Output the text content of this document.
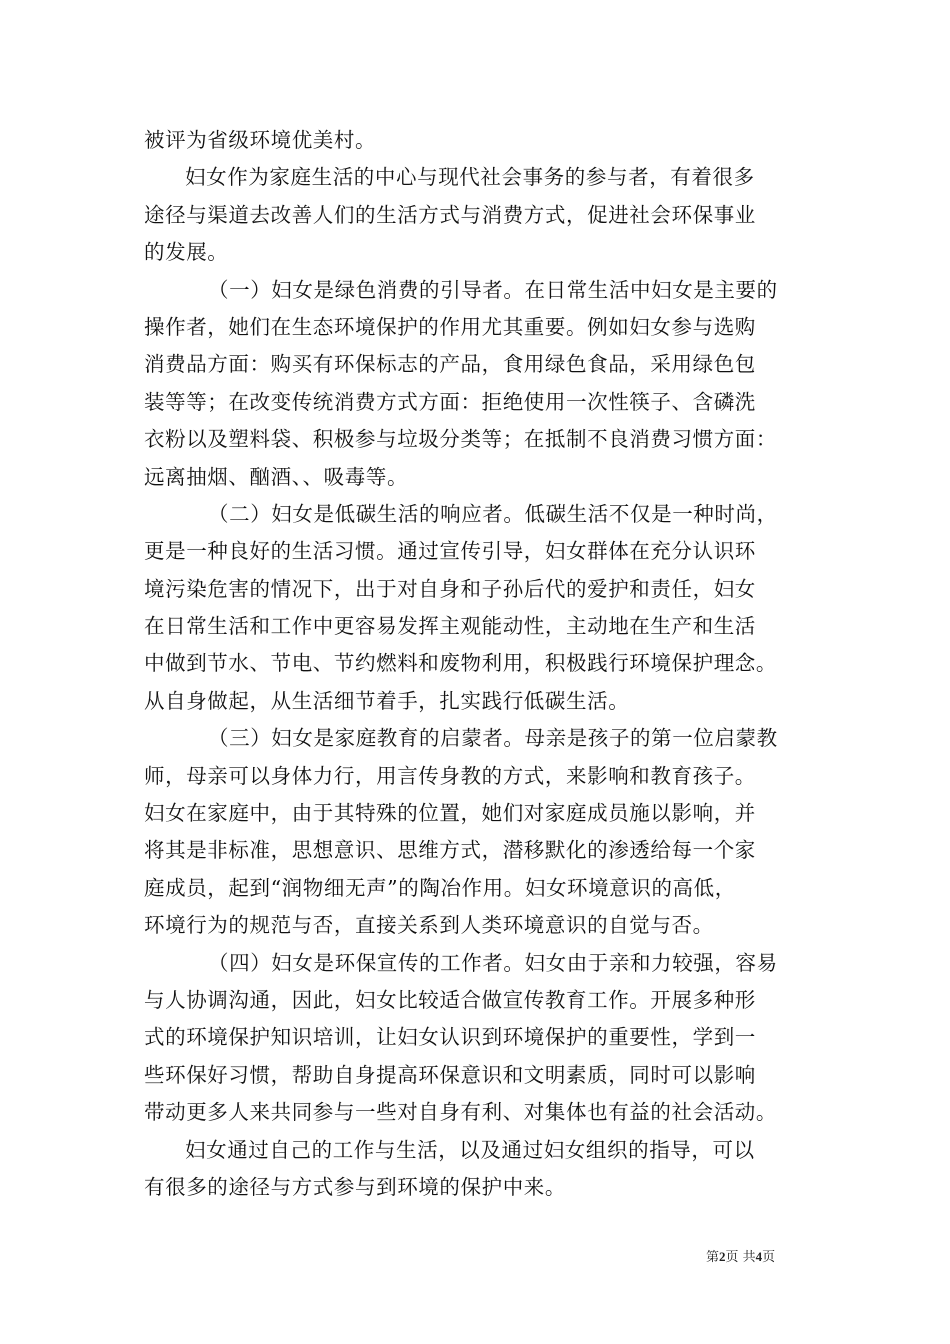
被评为省级环境优美村。
妇女作为家庭生活的中心与现代社会事务的参与者，有着很多
途径与渠道去改善人们的生活方式与消费方式，促进社会环保事业
的发展。
（一）妇女是绿色消费的引导者。在日常生活中妇女是主要的
操作者，她们在生态环境保护的作用尤其重要。例如妇女参与选购
消费品方面：购买有环保标志的产品，食用绿色食品，采用绿色包
装等等；在改变传统消费方式方面：拒绝使用一次性筷子、含磷洗
衣粉以及塑料袋、积极参与垃圾分类等；在抵制不良消费习惯方面：
远离抽烟、酗酒、、吸毒等。
（二）妇女是低碳生活的响应者。低碳生活不仅是一种时尚，
更是一种良好的生活习惯。通过宣传引导，妇女群体在充分认识环
境污染危害的情况下，出于对自身和子孙后代的爱护和责任，妇女
在日常生活和工作中更容易发挥主观能动性，主动地在生产和生活
中做到节水、节电、节约燃料和废物利用，积极践行环境保护理念。
从自身做起，从生活细节着手，扎实践行低碳生活。
（三）妇女是家庭教育的启蒙者。母亲是孩子的第一位启蒙教
师，母亲可以身体力行，用言传身教的方式，来影响和教育孩子。
妇女在家庭中，由于其特殊的位置，她们对家庭成员施以影响，并
将其是非标准，思想意识、思维方式，潜移默化的渗透给每一个家
庭成员，起到“润物细无声”的陶冶作用。妇女环境意识的高低，
环境行为的规范与否，直接关系到人类环境意识的自觉与否。
（四）妇女是环保宣传的工作者。妇女由于亲和力较强，容易
与人协调沟通，因此，妇女比较适合做宣传教育工作。开展多种形
式的环境保护知识培训，让妇女认识到环境保护的重要性，学到一
些环保好习惯，帮助自身提高环保意识和文明素质，同时可以影响
带动更多人来共同参与一些对自身有利、对集体也有益的社会活动。
妇女通过自己的工作与生活，以及通过妇女组织的指导，可以
有很多的途径与方式参与到环境的保护中来。
第2页 共4页
